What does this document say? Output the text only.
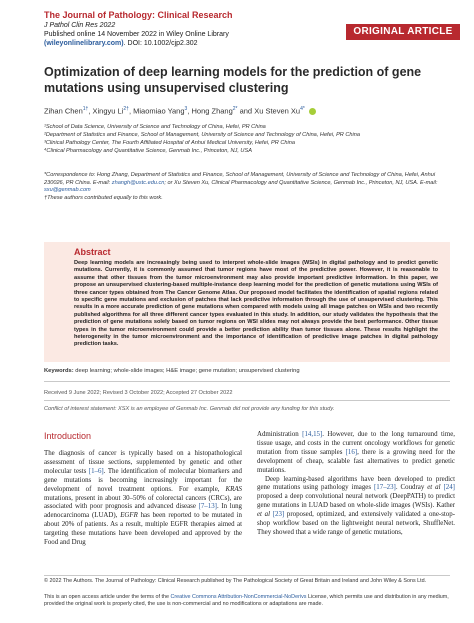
The Journal of Pathology: Clinical Research
J Pathol Clin Res 2022
Published online 14 November 2022 in Wiley Online Library
(wileyonlinelibrary.com). DOI: 10.1002/cjp2.302
ORIGINAL ARTICLE
Optimization of deep learning models for the prediction of gene mutations using unsupervised clustering
Zihan Chen$^{1\dagger}$, Xingyu $Li^{2\dagger}$, Miaomiao Yang$^3$, Hong Zhang$^{2*}$ and Xu Steven $Xu^{4*}$
¹School of Data Science, University of Science and Technology of China, Hefei, PR China
²Department of Statistics and Finance, School of Management, University of Science and Technology of China, Hefei, PR China
³Clinical Pathology Center, The Fourth Affiliated Hospital of Anhui Medical University, Hefei, PR China
⁴Clinical Pharmacology and Quantitative Science, Genmab Inc., Princeton, NJ, USA
*Correspondence to: Hong Zhang, Department of Statistics and Finance, School of Management, University of Science and Technology of China, Hefei, Anhui 230026, PR China. E-mail: zhangh@ustc.edu.cn; or Xu Steven Xu, Clinical Pharmacology and Quantitative Science, Genmab Inc., Princeton, NJ, USA. E-mail: sxu@genmab.com
†These authors contributed equally to this work.
Abstract
Deep learning models are increasingly being used to interpret whole-slide images (WSIs) in digital pathology and to predict genetic mutations. Currently, it is commonly assumed that tumor regions have most of the predictive power. However, it is reasonable to assume that other tissues from the tumor microenvironment may also provide important predictive information. In this paper, we propose an unsupervised clustering-based multiple-instance deep learning model for the prediction of genetic mutations using WSIs of three cancer types obtained from The Cancer Genome Atlas. Our proposed model facilitates the identification of spatial regions related to specific gene mutations and exclusion of patches that lack predictive information through the use of unsupervised clustering. This results in a more accurate prediction of gene mutations when compared with models using all image patches on WSIs and two recently published algorithms for all three different cancer types evaluated in this study. In addition, our study validates the hypothesis that the prediction of gene mutations solely based on tumor regions on WSI slides may not always provide the best performance. Other tissue types in the tumor microenvironment could provide a better prediction ability than tumor tissues alone. These results highlight the heterogeneity in the tumor microenvironment and the importance of identification of predictive image patches in digital pathology prediction tasks.
Keywords: deep learning; whole-slide images; H&E image; gene mutation; unsupervised clustering
Received 9 June 2022; Revised 3 October 2022; Accepted 27 October 2022
Conflict of interest statement: XSX is an employee of Genmab Inc. Genmab did not provide any funding for this study.
Introduction
The diagnosis of cancer is typically based on a histopathological assessment of tissue sections, supplemented by genetic and other molecular tests [1–6]. The identification of molecular biomarkers and gene mutations is becoming increasingly important for the development of novel treatment options. For example, KRAS mutations, present in about 30–50% of colorectal cancers (CRCs), are associated with poor prognosis and advanced disease [7–13]. In lung adenocarcinoma (LUAD), EGFR has been reported to be mutated in about 20% of patients. As a result, multiple EGFR therapies aimed at targeting these mutations have been developed and approved by the Food and Drug
Administration [14,15]. However, due to the long turnaround time, tissue usage, and costs in the current oncology workflows for genetic mutation from tissue samples [16], there is a growing need for the development of cheap, scalable fast alternatives to predict genetic mutations.
Deep learning-based algorithms have been developed to predict gene mutations using pathology images [17–23]. Coudray et al [24] proposed a deep convolutional neural network (DeepPATH) to predict gene mutations in LUAD based on whole-slide images (WSIs). Kather et al [23] proposed, optimized, and extensively validated a one-stop-shop workflow based on the lightweight neural network, ShuffleNet. They showed that a wide range of genetic mutations,
© 2022 The Authors. The Journal of Pathology: Clinical Research published by The Pathological Society of Great Britain and Ireland and John Wiley & Sons Ltd.
This is an open access article under the terms of the Creative Commons Attribution-NonCommercial-NoDerivs License, which permits use and distribution in any medium, provided the original work is properly cited, the use is non-commercial and no modifications or adaptations are made.
